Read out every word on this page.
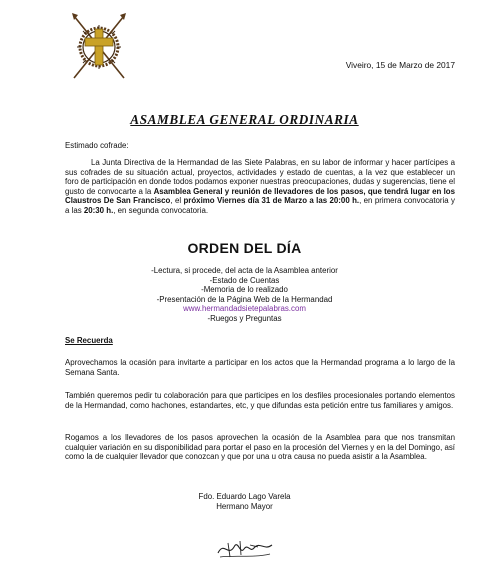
Viveiro, 15 de Marzo de 2017
ASAMBLEA GENERAL ORDINARIA
Estimado cofrade:
La Junta Directiva de la Hermandad de las Siete Palabras, en su labor de informar y hacer partícipes a sus cofrades de su situación actual, proyectos, actividades y estado de cuentas, a la vez que establecer un foro de participación en donde todos podamos exponer nuestras preocupaciones, dudas y sugerencias, tiene el gusto de convocarte a la Asamblea General y reunión de llevadores de los pasos, que tendrá lugar en los Claustros De San Francisco, el próximo Viernes día 31 de Marzo a las 20:00 h., en primera convocatoria y a las 20:30 h., en segunda convocatoria.
ORDEN DEL DÍA
-Lectura, si procede, del acta de la Asamblea anterior
-Estado de Cuentas
-Memoria de lo realizado
-Presentación de la Página Web de la Hermandad
www.hermandadsietepalabras.com
-Ruegos y Preguntas
Se Recuerda
Aprovechamos la ocasión para invitarte a participar en los actos que la Hermandad programa a lo largo de la Semana Santa.
También queremos pedir tu colaboración para que participes en los desfiles procesionales portando elementos de la Hermandad, como hachones, estandartes, etc, y que difundas esta petición entre tus familiares y amigos.
Rogamos a los llevadores de los pasos aprovechen la ocasión de la Asamblea para que nos transmitan cualquier variación en su disponibilidad para portar el paso en la procesión del Viernes y en la del Domingo, así como la de cualquier llevador que conozcan y que por una u otra causa no pueda asistir a la Asamblea.
Fdo. Eduardo Lago Varela
Hermano Mayor
